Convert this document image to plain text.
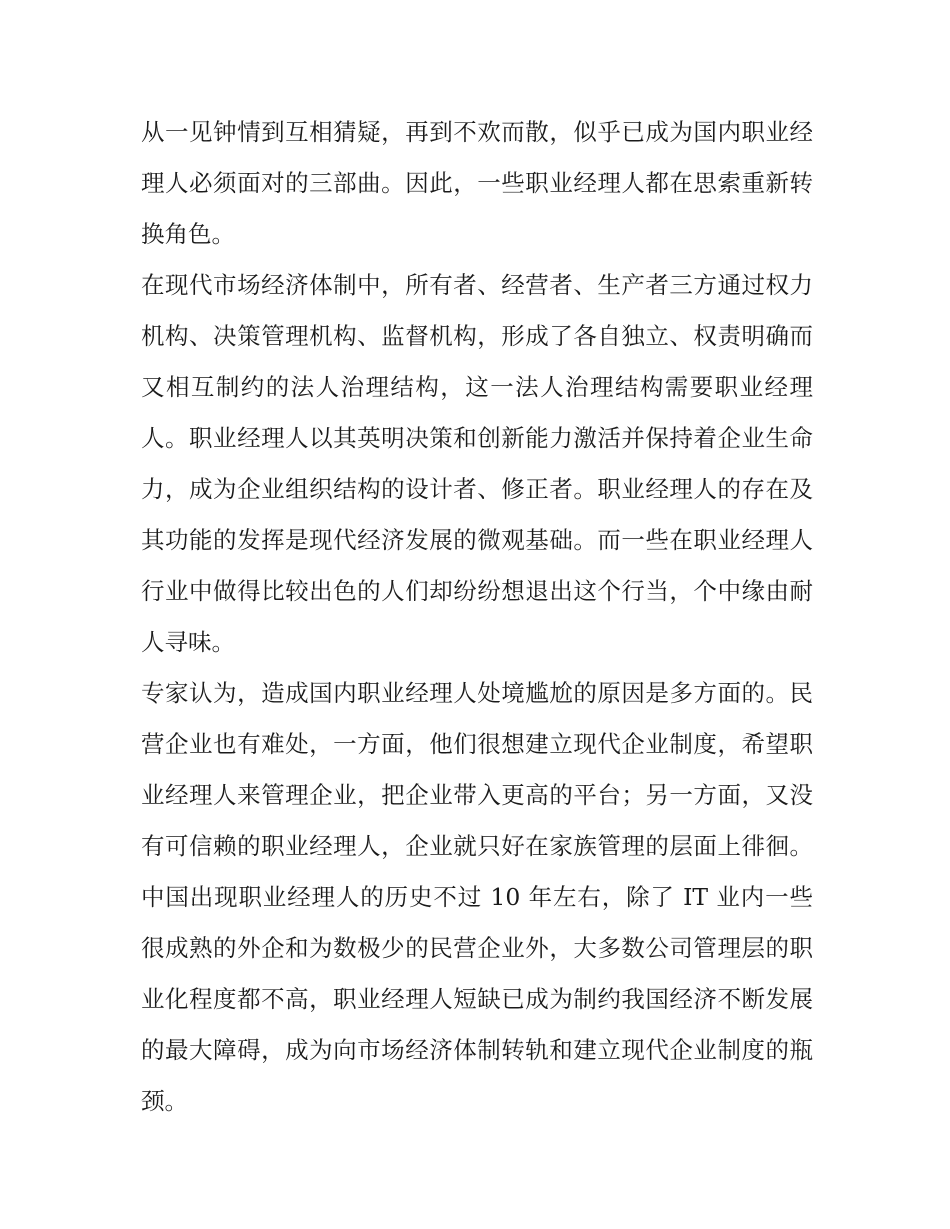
从一见钟情到互相猜疑，再到不欢而散，似乎已成为国内职业经理人必须面对的三部曲。因此，一些职业经理人都在思索重新转换角色。

在现代市场经济体制中，所有者、经营者、生产者三方通过权力机构、决策管理机构、监督机构，形成了各自独立、权责明确而又相互制约的法人治理结构，这一法人治理结构需要职业经理人。职业经理人以其英明决策和创新能力激活并保持着企业生命力，成为企业组织结构的设计者、修正者。职业经理人的存在及其功能的发挥是现代经济发展的微观基础。而一些在职业经理人行业中做得比较出色的人们却纷纷想退出这个行当，个中缘由耐人寻味。

专家认为，造成国内职业经理人处境尴尬的原因是多方面的。民营企业也有难处，一方面，他们很想建立现代企业制度，希望职业经理人来管理企业，把企业带入更高的平台；另一方面，又没有可信赖的职业经理人，企业就只好在家族管理的层面上徘徊。中国出现职业经理人的历史不过 10 年左右，除了 IT 业内一些很成熟的外企和为数极少的民营企业外，大多数公司管理层的职业化程度都不高，职业经理人短缺已成为制约我国经济不断发展的最大障碍，成为向市场经济体制转轨和建立现代企业制度的瓶颈。
